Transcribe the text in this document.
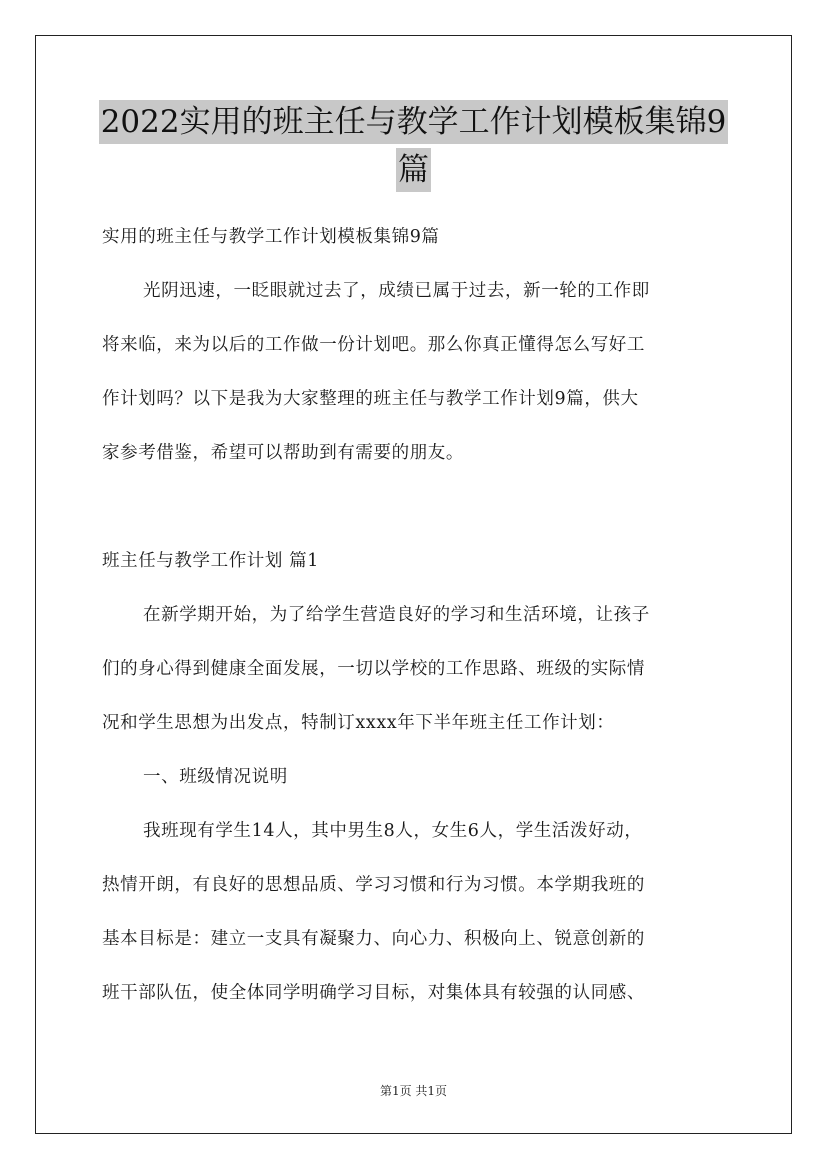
2022实用的班主任与教学工作计划模板集锦9
篇
实用的班主任与教学工作计划模板集锦9篇
光阴迅速，一眨眼就过去了，成绩已属于过去，新一轮的工作即
将来临，来为以后的工作做一份计划吧。那么你真正懂得怎么写好工
作计划吗？以下是我为大家整理的班主任与教学工作计划9篇，供大
家参考借鉴，希望可以帮助到有需要的朋友。
班主任与教学工作计划 篇1
在新学期开始，为了给学生营造良好的学习和生活环境，让孩子
们的身心得到健康全面发展，一切以学校的工作思路、班级的实际情
况和学生思想为出发点，特制订xxxx年下半年班主任工作计划：
一、班级情况说明
我班现有学生14人，其中男生8人，女生6人，学生活泼好动，
热情开朗，有良好的思想品质、学习习惯和行为习惯。本学期我班的
基本目标是：建立一支具有凝聚力、向心力、积极向上、锐意创新的
班干部队伍，使全体同学明确学习目标，对集体具有较强的认同感、
第1页 共1页
